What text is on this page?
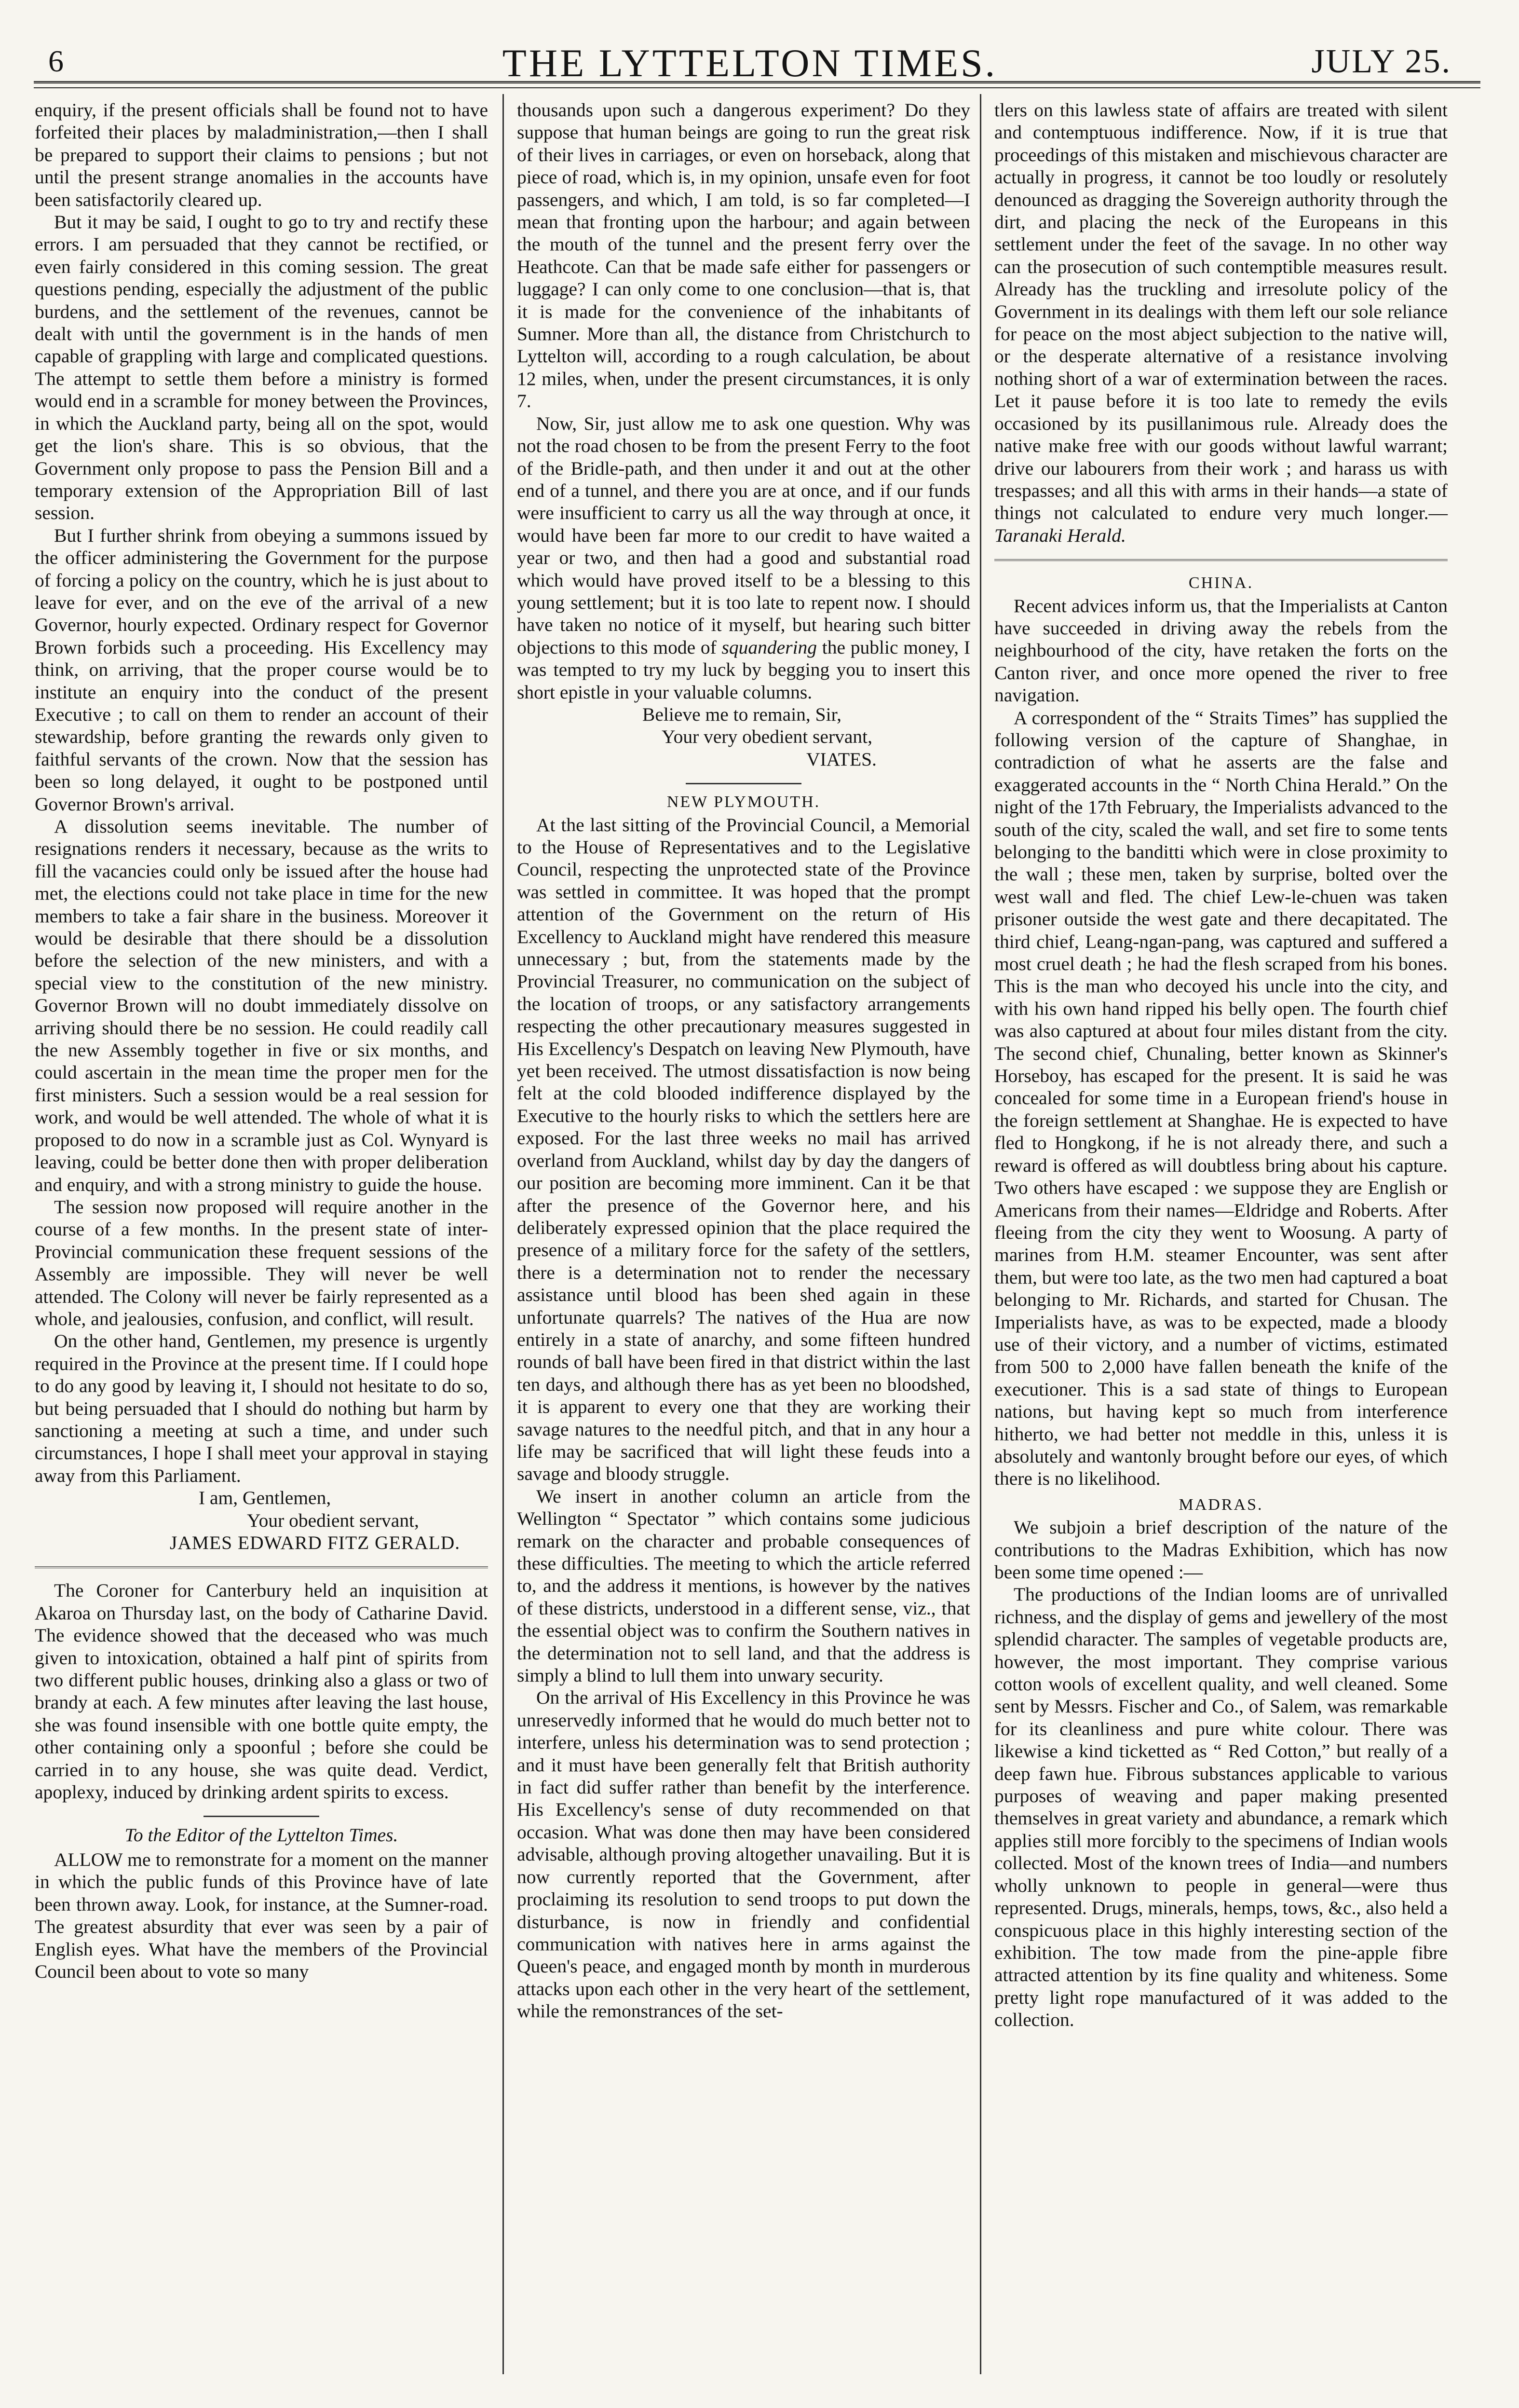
6	THE LYTTELTON TIMES.	JULY 25.

enquiry, if the present officials shall be found not to have forfeited their places by maladministration,—then I shall be prepared to support their claims to pensions ; but not until the present strange anomalies in the accounts have been satisfactorily cleared up.

But it may be said, I ought to go to try and rectify these errors. I am persuaded that they cannot be rectified, or even fairly considered in this coming session. The great questions pending, especially the adjustment of the public burdens, and the settlement of the revenues, cannot be dealt with until the government is in the hands of men capable of grappling with large and complicated questions. The attempt to settle them before a ministry is formed would end in a scramble for money between the Provinces, in which the Auckland party, being all on the spot, would get the lion's share. This is so obvious, that the Government only propose to pass the Pension Bill and a temporary extension of the Appropriation Bill of last session.

But I further shrink from obeying a summons issued by the officer administering the Government for the purpose of forcing a policy on the country, which he is just about to leave for ever, and on the eve of the arrival of a new Governor, hourly expected. Ordinary respect for Governor Brown forbids such a proceeding. His Excellency may think, on arriving, that the proper course would be to institute an enquiry into the conduct of the present Executive ; to call on them to render an account of their stewardship, before granting the rewards only given to faithful servants of the crown. Now that the session has been so long delayed, it ought to be postponed until Governor Brown's arrival.

A dissolution seems inevitable. The number of resignations renders it necessary, because as the writs to fill the vacancies could only be issued after the house had met, the elections could not take place in time for the new members to take a fair share in the business. Moreover it would be desirable that there should be a dissolution before the selection of the new ministers, and with a special view to the constitution of the new ministry. Governor Brown will no doubt immediately dissolve on arriving should there be no session. He could readily call the new Assembly together in five or six months, and could ascertain in the mean time the proper men for the first ministers. Such a session would be a real session for work, and would be well attended. The whole of what it is proposed to do now in a scramble just as Col. Wynyard is leaving, could be better done then with proper deliberation and enquiry, and with a strong ministry to guide the house.

The session now proposed will require another in the course of a few months. In the present state of inter-Provincial communication these frequent sessions of the Assembly are impossible. They will never be well attended. The Colony will never be fairly represented as a whole, and jealousies, confusion, and conflict, will result.

On the other hand, Gentlemen, my presence is urgently required in the Province at the present time. If I could hope to do any good by leaving it, I should not hesitate to do so, but being persuaded that I should do nothing but harm by sanctioning a meeting at such a time, and under such circumstances, I hope I shall meet your approval in staying away from this Parliament.

I am, Gentlemen,

Your obedient servant,

JAMES EDWARD FITZ GERALD.

The Coroner for Canterbury held an inquisition at Akaroa on Thursday last, on the body of Catharine David. The evidence showed that the deceased who was much given to intoxication, obtained a half pint of spirits from two different public houses, drinking also a glass or two of brandy at each. A few minutes after leaving the last house, she was found insensible with one bottle quite empty, the other containing only a spoonful ; before she could be carried in to any house, she was quite dead. Verdict, apoplexy, induced by drinking ardent spirits to excess.

To the Editor of the Lyttelton Times.

ALLOW me to remonstrate for a moment on the manner in which the public funds of this Province have of late been thrown away. Look, for instance, at the Sumner-road. The greatest absurdity that ever was seen by a pair of English eyes. What have the members of the Provincial Council been about to vote so many

thousands upon such a dangerous experiment? Do they suppose that human beings are going to run the great risk of their lives in carriages, or even on horseback, along that piece of road, which is, in my opinion, unsafe even for foot passengers, and which, I am told, is so far completed—I mean that fronting upon the harbour; and again between the mouth of the tunnel and the present ferry over the Heathcote. Can that be made safe either for passengers or luggage? I can only come to one conclusion—that is, that it is made for the convenience of the inhabitants of Sumner. More than all, the distance from Christchurch to Lyttelton will, according to a rough calculation, be about 12 miles, when, under the present circumstances, it is only 7.

Now, Sir, just allow me to ask one question. Why was not the road chosen to be from the present Ferry to the foot of the Bridle-path, and then under it and out at the other end of a tunnel, and there you are at once, and if our funds were insufficient to carry us all the way through at once, it would have been far more to our credit to have waited a year or two, and then had a good and substantial road which would have proved itself to be a blessing to this young settlement; but it is too late to repent now. I should have taken no notice of it myself, but hearing such bitter objections to this mode of squandering the public money, I was tempted to try my luck by begging you to insert this short epistle in your valuable columns.

Believe me to remain, Sir,

Your very obedient servant,

VIATES.

NEW PLYMOUTH.

At the last sitting of the Provincial Council, a Memorial to the House of Representatives and to the Legislative Council, respecting the unprotected state of the Province was settled in committee. It was hoped that the prompt attention of the Government on the return of His Excellency to Auckland might have rendered this measure unnecessary ; but, from the statements made by the Provincial Treasurer, no communication on the subject of the location of troops, or any satisfactory arrangements respecting the other precautionary measures suggested in His Excellency's Despatch on leaving New Plymouth, have yet been received. The utmost dissatisfaction is now being felt at the cold blooded indifference displayed by the Executive to the hourly risks to which the settlers here are exposed. For the last three weeks no mail has arrived overland from Auckland, whilst day by day the dangers of our position are becoming more imminent. Can it be that after the presence of the Governor here, and his deliberately expressed opinion that the place required the presence of a military force for the safety of the settlers, there is a determination not to render the necessary assistance until blood has been shed again in these unfortunate quarrels? The natives of the Hua are now entirely in a state of anarchy, and some fifteen hundred rounds of ball have been fired in that district within the last ten days, and although there has as yet been no bloodshed, it is apparent to every one that they are working their savage natures to the needful pitch, and that in any hour a life may be sacrificed that will light these feuds into a savage and bloody struggle.

We insert in another column an article from the Wellington “ Spectator ” which contains some judicious remark on the character and probable consequences of these difficulties. The meeting to which the article referred to, and the address it mentions, is however by the natives of these districts, understood in a different sense, viz., that the essential object was to confirm the Southern natives in the determination not to sell land, and that the address is simply a blind to lull them into unwary security.

On the arrival of His Excellency in this Province he was unreservedly informed that he would do much better not to interfere, unless his determination was to send protection ; and it must have been generally felt that British authority in fact did suffer rather than benefit by the interference. His Excellency's sense of duty recommended on that occasion. What was done then may have been considered advisable, although proving altogether unavailing. But it is now currently reported that the Government, after proclaiming its resolution to send troops to put down the disturbance, is now in friendly and confidential communication with natives here in arms against the Queen's peace, and engaged month by month in murderous attacks upon each other in the very heart of the settlement, while the remonstrances of the set-

tlers on this lawless state of affairs are treated with silent and contemptuous indifference. Now, if it is true that proceedings of this mistaken and mischievous character are actually in progress, it cannot be too loudly or resolutely denounced as dragging the Sovereign authority through the dirt, and placing the neck of the Europeans in this settlement under the feet of the savage. In no other way can the prosecution of such contemptible measures result. Already has the truckling and irresolute policy of the Government in its dealings with them left our sole reliance for peace on the most abject subjection to the native will, or the desperate alternative of a resistance involving nothing short of a war of extermination between the races. Let it pause before it is too late to remedy the evils occasioned by its pusillanimous rule. Already does the native make free with our goods without lawful warrant; drive our labourers from their work ; and harass us with trespasses; and all this with arms in their hands—a state of things not calculated to endure very much longer.—Taranaki Herald.

CHINA.

Recent advices inform us, that the Imperialists at Canton have succeeded in driving away the rebels from the neighbourhood of the city, have retaken the forts on the Canton river, and once more opened the river to free navigation.

A correspondent of the “ Straits Times” has supplied the following version of the capture of Shanghae, in contradiction of what he asserts are the false and exaggerated accounts in the “ North China Herald.” On the night of the 17th February, the Imperialists advanced to the south of the city, scaled the wall, and set fire to some tents belonging to the banditti which were in close proximity to the wall ; these men, taken by surprise, bolted over the west wall and fled. The chief Lew-le-chuen was taken prisoner outside the west gate and there decapitated. The third chief, Leang-ngan-pang, was captured and suffered a most cruel death ; he had the flesh scraped from his bones. This is the man who decoyed his uncle into the city, and with his own hand ripped his belly open. The fourth chief was also captured at about four miles distant from the city. The second chief, Chunaling, better known as Skinner's Horseboy, has escaped for the present. It is said he was concealed for some time in a European friend's house in the foreign settlement at Shanghae. He is expected to have fled to Hongkong, if he is not already there, and such a reward is offered as will doubtless bring about his capture. Two others have escaped : we suppose they are English or Americans from their names—Eldridge and Roberts. After fleeing from the city they went to Woosung. A party of marines from H.M. steamer Encounter, was sent after them, but were too late, as the two men had captured a boat belonging to Mr. Richards, and started for Chusan. The Imperialists have, as was to be expected, made a bloody use of their victory, and a number of victims, estimated from 500 to 2,000 have fallen beneath the knife of the executioner. This is a sad state of things to European nations, but having kept so much from interference hitherto, we had better not meddle in this, unless it is absolutely and wantonly brought before our eyes, of which there is no likelihood.

MADRAS.

We subjoin a brief description of the nature of the contributions to the Madras Exhibition, which has now been some time opened :—

The productions of the Indian looms are of unrivalled richness, and the display of gems and jewellery of the most splendid character. The samples of vegetable products are, however, the most important. They comprise various cotton wools of excellent quality, and well cleaned. Some sent by Messrs. Fischer and Co., of Salem, was remarkable for its cleanliness and pure white colour. There was likewise a kind ticketted as “ Red Cotton,” but really of a deep fawn hue. Fibrous substances applicable to various purposes of weaving and paper making presented themselves in great variety and abundance, a remark which applies still more forcibly to the specimens of Indian wools collected. Most of the known trees of India—and numbers wholly unknown to people in general—were thus represented. Drugs, minerals, hemps, tows, &c., also held a conspicuous place in this highly interesting section of the exhibition. The tow made from the pine-apple fibre attracted attention by its fine quality and whiteness. Some pretty light rope manufactured of it was added to the collection.
